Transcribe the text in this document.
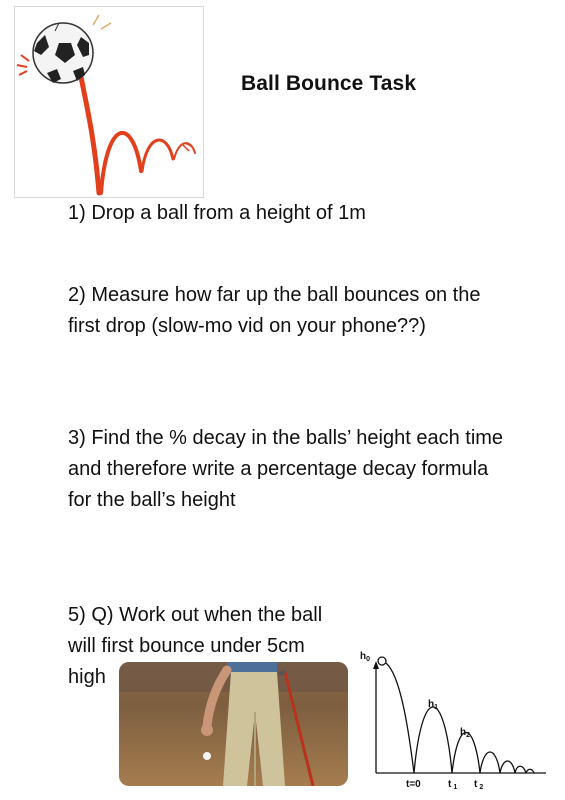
Ball Bounce Task
1) Drop a ball from a height of 1m
2) Measure how far up the ball bounces on the first drop (slow-mo vid on your phone??)
3) Find the % decay in the balls’ height each time and therefore write a percentage decay formula for the ball’s height
5) Q) Work out when the ball will first bounce under 5cm high
$h_0$
$h_1$
$h_2$
t=0	t $_1$ t $_2$
